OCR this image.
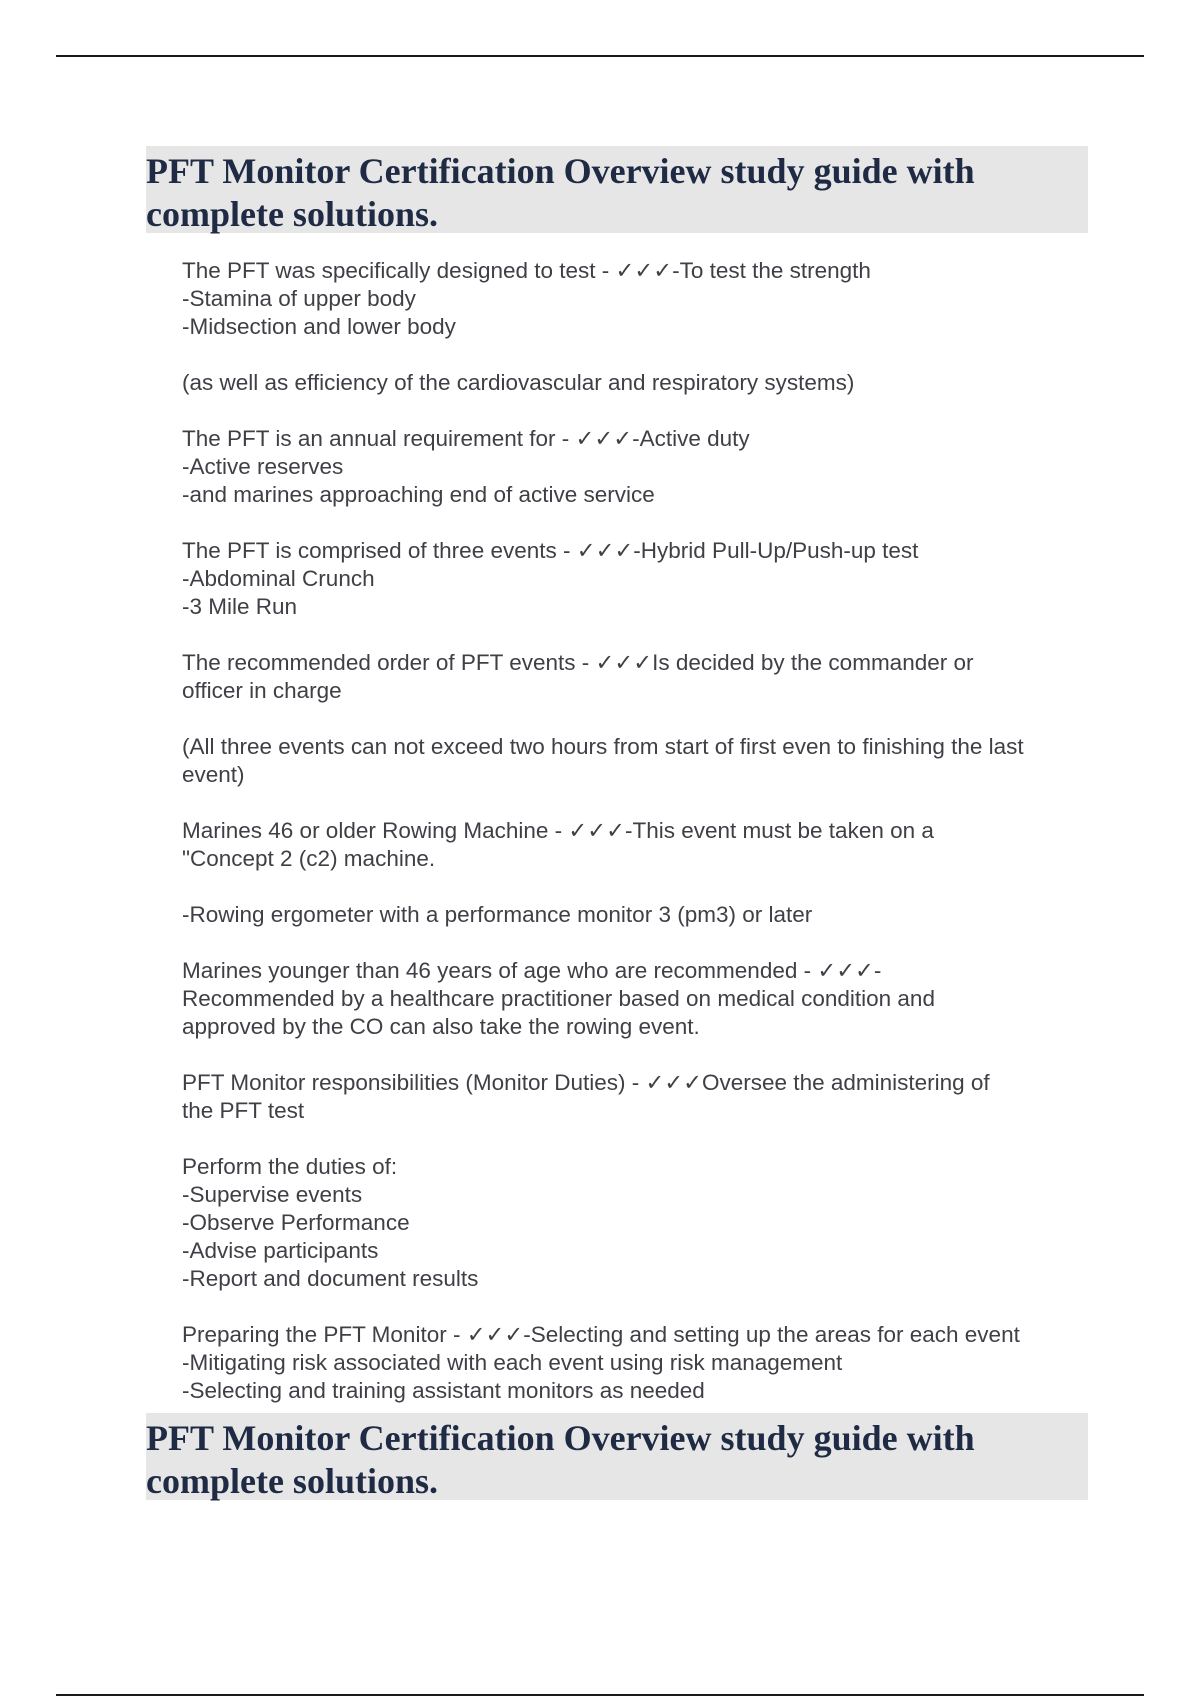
PFT Monitor Certification Overview study guide with complete solutions.

The PFT was specifically designed to test - ✓✓✓-To test the strength
-Stamina of upper body
-Midsection and lower body

(as well as efficiency of the cardiovascular and respiratory systems)

The PFT is an annual requirement for - ✓✓✓-Active duty
-Active reserves
-and marines approaching end of active service

The PFT is comprised of three events - ✓✓✓-Hybrid Pull-Up/Push-up test
-Abdominal Crunch
-3 Mile Run

The recommended order of PFT events - ✓✓✓Is decided by the commander or
officer in charge

(All three events can not exceed two hours from start of first even to finishing the last
event)

Marines 46 or older Rowing Machine - ✓✓✓-This event must be taken on a
"Concept 2 (c2) machine.

-Rowing ergometer with a performance monitor 3 (pm3) or later

Marines younger than 46 years of age who are recommended - ✓✓✓-
Recommended by a healthcare practitioner based on medical condition and
approved by the CO can also take the rowing event.

PFT Monitor responsibilities (Monitor Duties) - ✓✓✓Oversee the administering of
the PFT test

Perform the duties of:
-Supervise events
-Observe Performance
-Advise participants
-Report and document results

Preparing the PFT Monitor - ✓✓✓-Selecting and setting up the areas for each event
-Mitigating risk associated with each event using risk management
-Selecting and training assistant monitors as needed

PFT Monitor Certification Overview study guide with complete solutions.
